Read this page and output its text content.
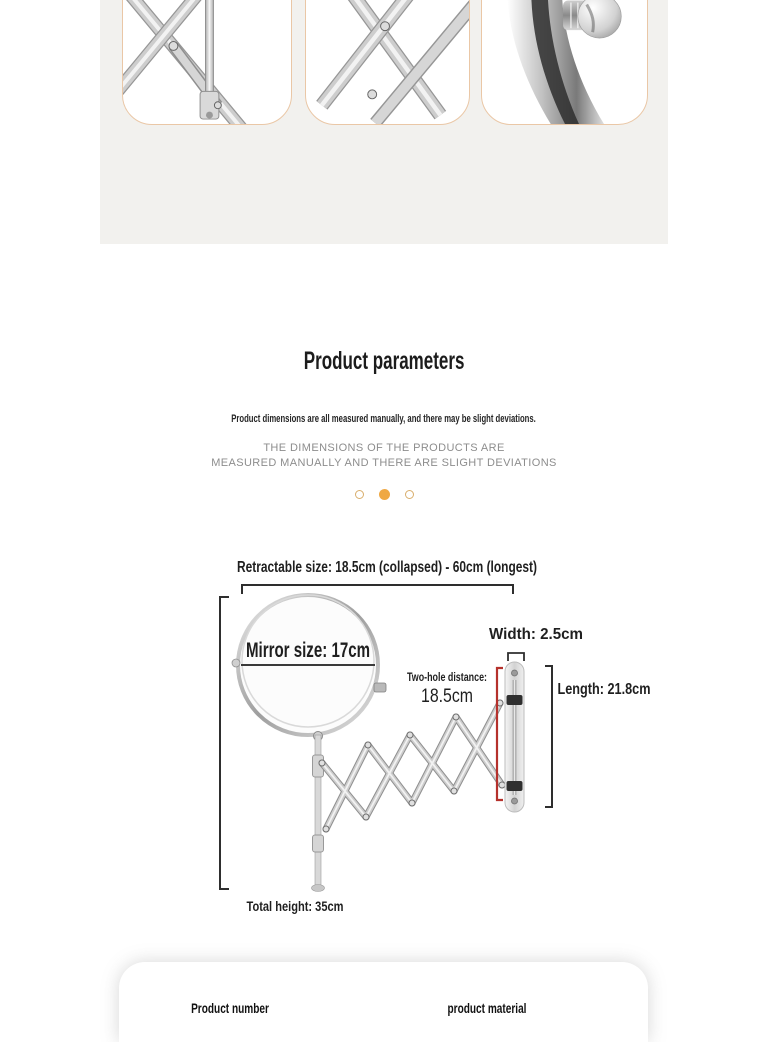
Product parameters
Product dimensions are all measured manually, and there may be slight deviations.
THE DIMENSIONS OF THE PRODUCTS ARE
MEASURED MANUALLY AND THERE ARE SLIGHT DEVIATIONS
Retractable size: 18.5cm (collapsed) - 60cm (longest)
Total height: 35cm
Mirror size: 17cm
Width: 2.5cm
Two-hole distance:
18.5cm	Length: 21.8cm
Product number	product material
